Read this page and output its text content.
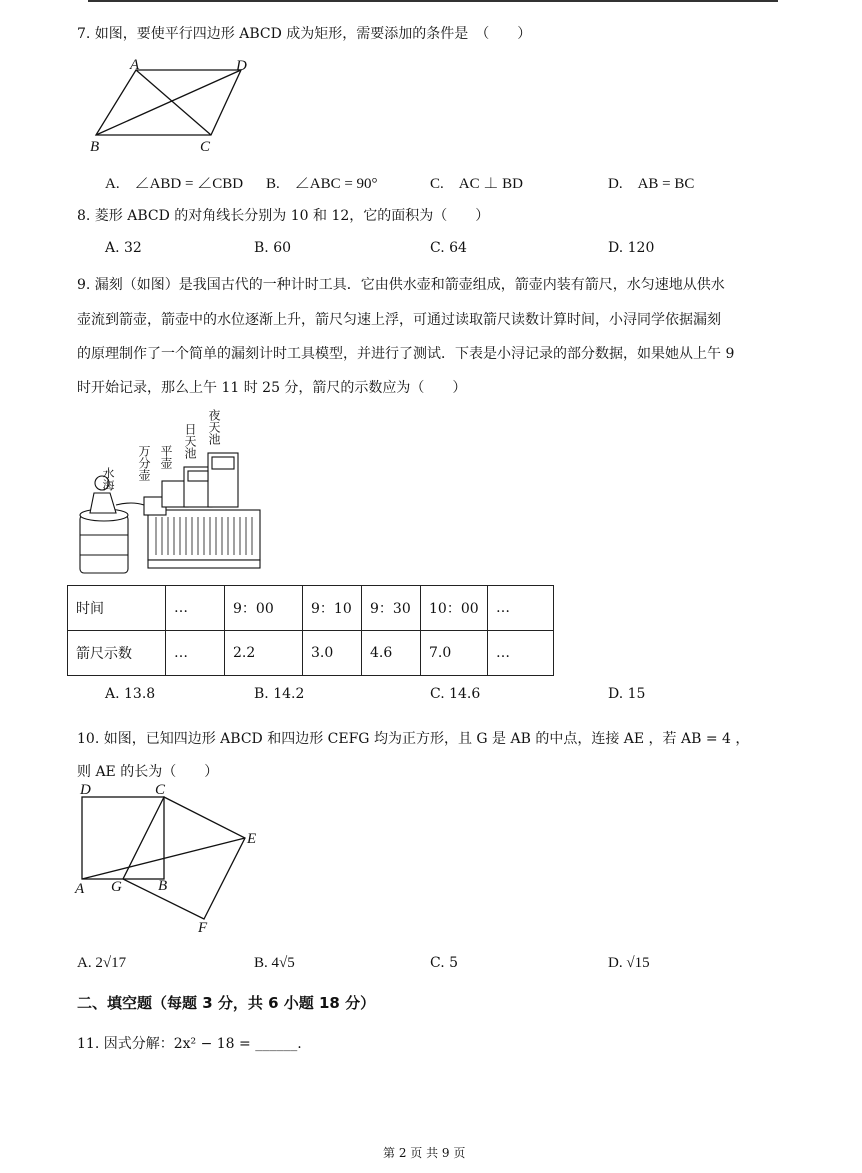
7. 如图，要使平行四边形 ABCD 成为矩形，需要添加的条件是　（　　）
A	D
B	C
A.　∠ABD = ∠CBD B.　∠ABC = 90°	C.　AC ⊥ BD	D.　AB = BC
8. 菱形 ABCD 的对角线长分别为 10 和 12，它的面积为（　　）
A. 32	B. 60	C. 64	D. 120
9. 漏刻（如图）是我国古代的一种计时工具．它由供水壶和箭壶组成，箭壶内装有箭尺，水匀速地从供水
壶流到箭壶，箭壶中的水位逐渐上升，箭尺匀速上浮，可通过读取箭尺读数计算时间，小浔同学依据漏刻
的原理制作了一个简单的漏刻计时工具模型，并进行了测试．下表是小浔记录的部分数据，如果她从上午 9
时开始记录，那么上午 11 时 25 分，箭尺的示数应为（　　）
水海 万分壶 平壶 日天池 夜天池
时间	…	9：00	9：10	9：30	10：00	…
箭尺示数	…	2.2	3.0	4.6	7.0	…
A. 13.8	B. 14.2	C. 14.6	D. 15
10. 如图，已知四边形 ABCD 和四边形 CEFG 均为正方形，且 G 是 AB 的中点，连接 AE ，若 AB = 4 ，
则 AE 的长为（　　）
D	C
E
A G B
F
A. 2√17	B. 4√5	C. 5	D. √15
二、填空题（每题 3 分，共 6 小题 18 分）
11. 因式分解：2x² − 18 = ______.
第 2 页 共 9 页
